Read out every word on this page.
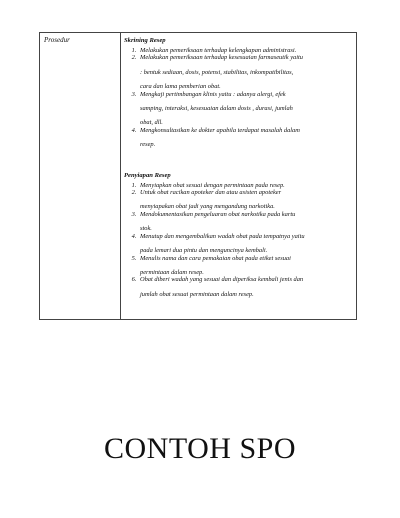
Prosedur	Skrining Resep

1. Melakukan pemeriksaan terhadap kelengkapan administrasi.
2. Melakukan pemeriksaan terhadap kesesuaian farmaseutik yaitu
: bentuk sediaan, dosis, potensi, stabilitas, inkompatibilitas,
cara dan lama pemberian obat.
3. Mengkaji pertimbangan klinis yaitu : adanya alergi, efek
samping, interaksi, kesesuaian dalam dosis , durasi, jumlah
obat, dll.
4. Mengkonsultasikan ke dokter apabila terdapat masalah dalam
resep.

Penyiapan Resep

1. Menyiapkan obat sesuai dengan permintaan pada resep.
2. Untuk obat racikan apoteker dan atau asisten apoteker
menyiapakan obat jadi yang mengandung narkotika.
3. Mendokumentasikan pengeluaran obat narkotika pada kartu
stok.
4. Menutup dan mengembalikan wadah obat pada tempatnya yaitu
pada lemari dua pintu dan menguncinya kembali.
5. Menulis nama dan cara pemakaian obat pada etiket sesuai
permintaan dalam resep.
6. Obat diberi wadah yang sesuai dan diperiksa kembali jenis dan
jumlah obat sesuai permintaan dalam resep.
CONTOH SPO
